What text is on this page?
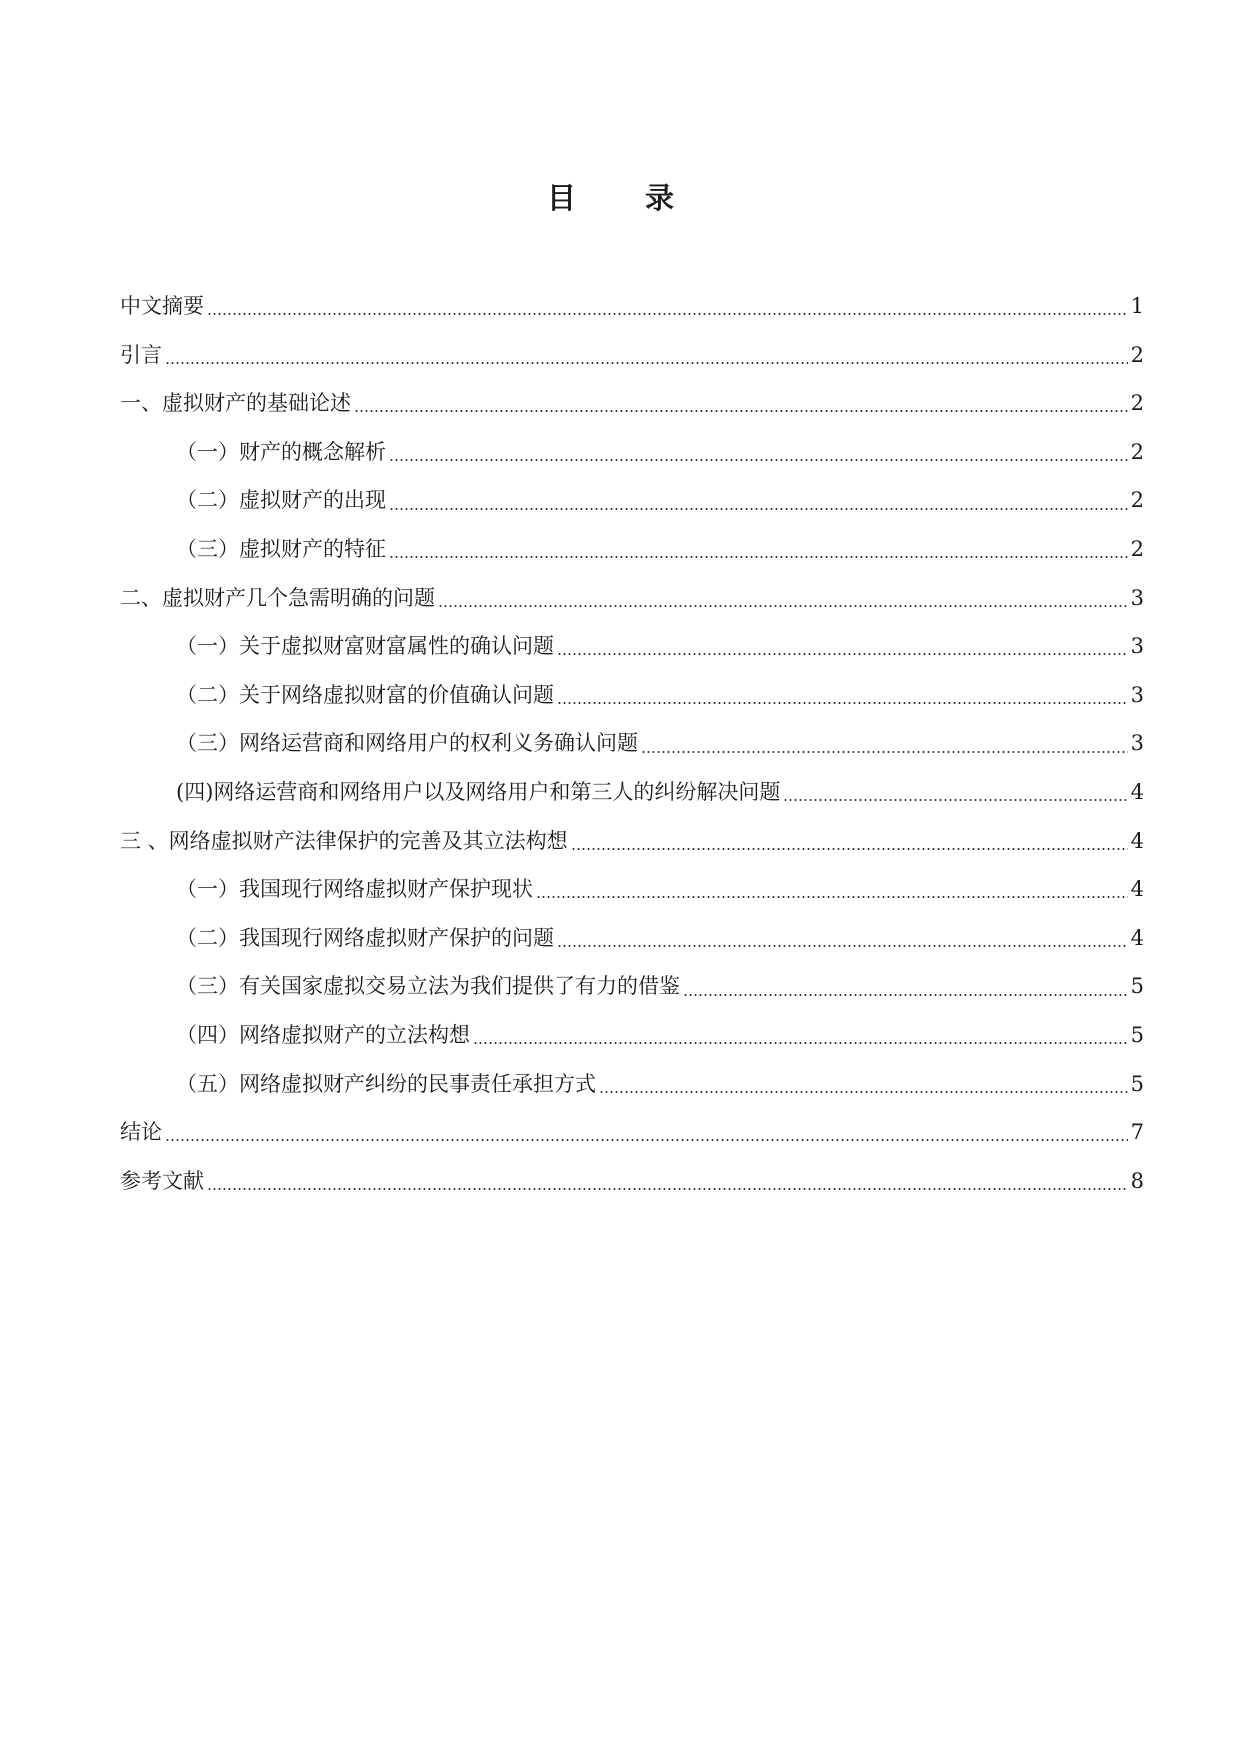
目　录
中文摘要	1
引言	2
一、虚拟财产的基础论述	2
（一）财产的概念解析	2
（二）虚拟财产的出现	2
（三）虚拟财产的特征	2
二、虚拟财产几个急需明确的问题	3
（一）关于虚拟财富财富属性的确认问题	3
（二）关于网络虚拟财富的价值确认问题	3
（三）网络运营商和网络用户的权利义务确认问题	3
(四)网络运营商和网络用户以及网络用户和第三人的纠纷解决问题	4
三 、网络虚拟财产法律保护的完善及其立法构想	4
（一）我国现行网络虚拟财产保护现状	4
（二）我国现行网络虚拟财产保护的问题	4
（三）有关国家虚拟交易立法为我们提供了有力的借鉴	5
（四）网络虚拟财产的立法构想	5
（五）网络虚拟财产纠纷的民事责任承担方式	5
结论	7
参考文献	8
